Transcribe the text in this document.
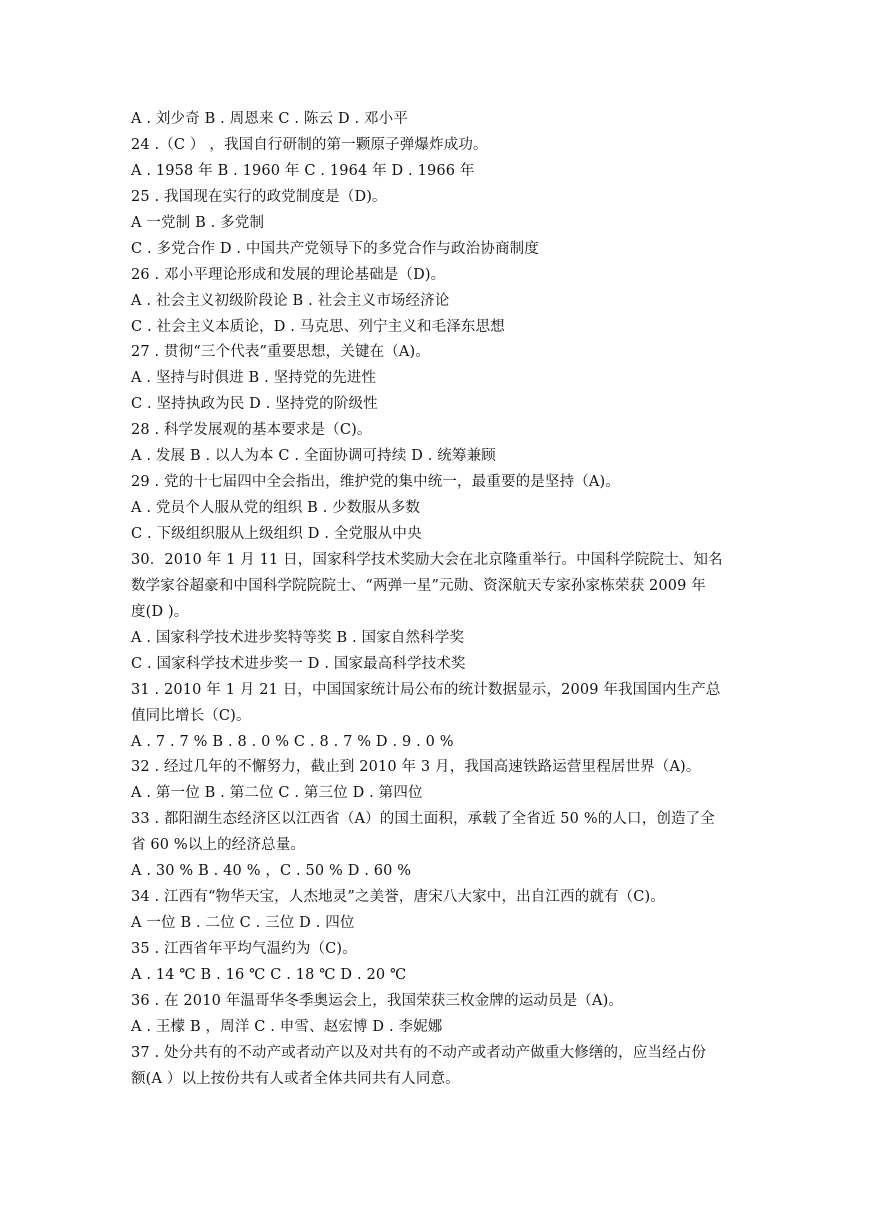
A . 刘少奇 B . 周恩来 C . 陈云 D . 邓小平
24 .（C ） ，我国自行研制的第一颗原子弹爆炸成功。
A . 1958 年 B . 1960 年 C . 1964 年 D . 1966 年
25 . 我国现在实行的政党制度是（D)。
A 一党制 B . 多党制
C . 多党合作 D . 中国共产党领导下的多党合作与政治协商制度
26 . 邓小平理论形成和发展的理论基础是（D)。
A . 社会主义初级阶段论 B . 社会主义市场经济论
C . 社会主义本质论，D . 马克思、列宁主义和毛泽东思想
27 . 贯彻“三个代表”重要思想，关键在（A)。
A . 坚持与时俱进 B . 坚持党的先进性
C . 坚持执政为民 D . 坚持党的阶级性
28 . 科学发展观的基本要求是（C)。
A . 发展 B . 以人为本 C . 全面协调可持续 D . 统筹兼顾
29 . 党的十七届四中全会指出，维护党的集中统一，最重要的是坚持（A)。
A . 党员个人服从党的组织 B . 少数服从多数
C . 下级组织服从上级组织 D . 全党服从中央
30．2010 年 1 月 11 日，国家科学技术奖励大会在北京隆重举行。中国科学院院士、知名
数学家谷超豪和中国科学院院院士、“两弹一星”元勋、资深航天专家孙家栋荣获 2009 年
度(D )。
A . 国家科学技术进步奖特等奖 B . 国家自然科学奖
C . 国家科学技术进步奖一 D . 国家最高科学技术奖
31 . 2010 年 1 月 21 日，中国国家统计局公布的统计数据显示，2009 年我国国内生产总
值同比增长（C)。
A . 7 . 7 % B . 8 . 0 % C . 8 . 7 % D . 9 . 0 %
32 . 经过几年的不懈努力，截止到 2010 年 3 月，我国高速铁路运营里程居世界（A)。
A . 第一位 B . 第二位 C . 第三位 D . 第四位
33 . 都阳湖生态经济区以江西省（A）的国土面积，承载了全省近 50 %的人口，创造了全
省 60 %以上的经济总量。
A . 30 % B . 40 % ，C . 50 % D . 60 %
34 . 江西有“物华天宝，人杰地灵”之美誉，唐宋八大家中，出自江西的就有（C)。
A 一位 B . 二位 C . 三位 D . 四位
35 . 江西省年平均气温约为（C)。
A . 14 ℃ B . 16 ℃ C . 18 ℃ D . 20 ℃
36 . 在 2010 年温哥华冬季奥运会上，我国荣获三枚金牌的运动员是（A)。
A . 王檬 B ，周洋 C . 申雪、赵宏博 D . 李妮娜
37 . 处分共有的不动产或者动产以及对共有的不动产或者动产做重大修缮的，应当经占份
额(A ）以上按份共有人或者全体共同共有人同意。
